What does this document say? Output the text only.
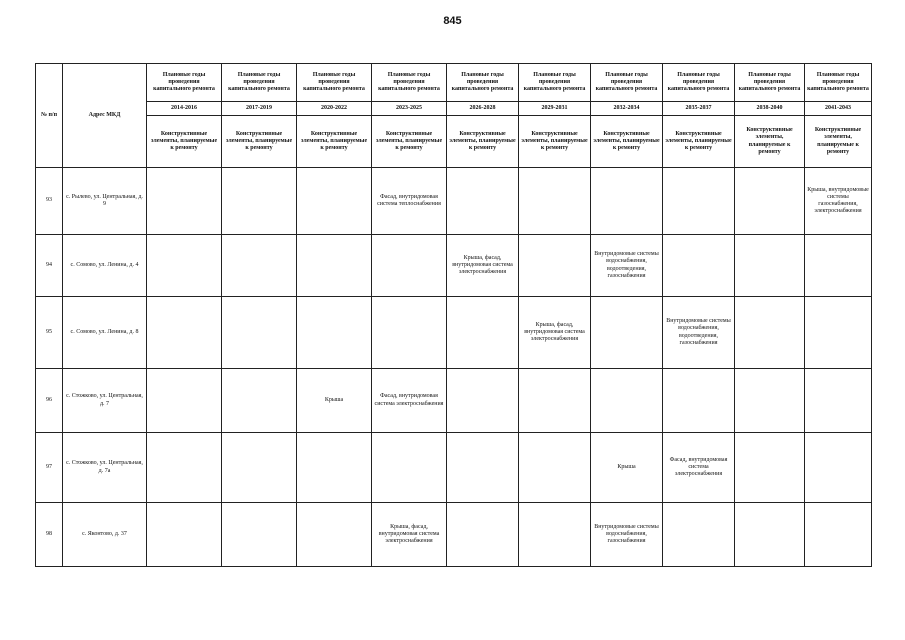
845
№ п/п	Адрес МКД	Плановые годы проведения капитального ремонта	Плановые годы проведения капитального ремонта	Плановые годы проведения капитального ремонта	Плановые годы проведения капитального ремонта	Плановые годы проведения капитального ремонта	Плановые годы проведения капитального ремонта	Плановые годы проведения капитального ремонта	Плановые годы проведения капитального ремонта	Плановые годы проведения капитального ремонта	Плановые годы проведения капитального ремонта
		2014-2016	2017-2019	2020-2022	2023-2025	2026-2028	2029-2031	2032-2034	2035-2037	2038-2040	2041-2043
		Конструктивные элементы, планируемые к ремонту	Конструктивные элементы, планируемые к ремонту	Конструктивные элементы, планируемые к ремонту	Конструктивные элементы, планируемые к ремонту	Конструктивные элементы, планируемые к ремонту	Конструктивные элементы, планируемые к ремонту	Конструктивные элементы, планируемые к ремонту	Конструктивные элементы, планируемые к ремонту	Конструктивные элементы, планируемые к ремонту	Конструктивные элементы, планируемые к ремонту
93	с. Рылево, ул. Центральная, д. 9				Фасад, внутридомовая система теплоснабжения						Крыша, внутридомовые системы газоснабжения, электроснабжения
94	с. Сомово, ул. Ленина, д. 4					Крыша, фасад, внутридомовая система электроснабжения		Внутридомовые системы водоснабжения, водоотведения, газоснабжения			
95	с. Сомово, ул. Ленина, д. 8						Крыша, фасад, внутридомовая система электроснабжения		Внутридомовые системы водоснабжения, водоотведения, газоснабжения		
96	с. Стожково, ул. Центральная, д. 7			Крыша	Фасад, внутридомовая система электроснабжения						
97	с. Стожково, ул. Центральная, д. 7а							Крыша	Фасад, внутридомовая система электроснабжения		
98	с. Яконтово, д. 37				Крыша, фасад, внутридомовая система электроснабжения			Внутридомовые системы водоснабжения, газоснабжения			
